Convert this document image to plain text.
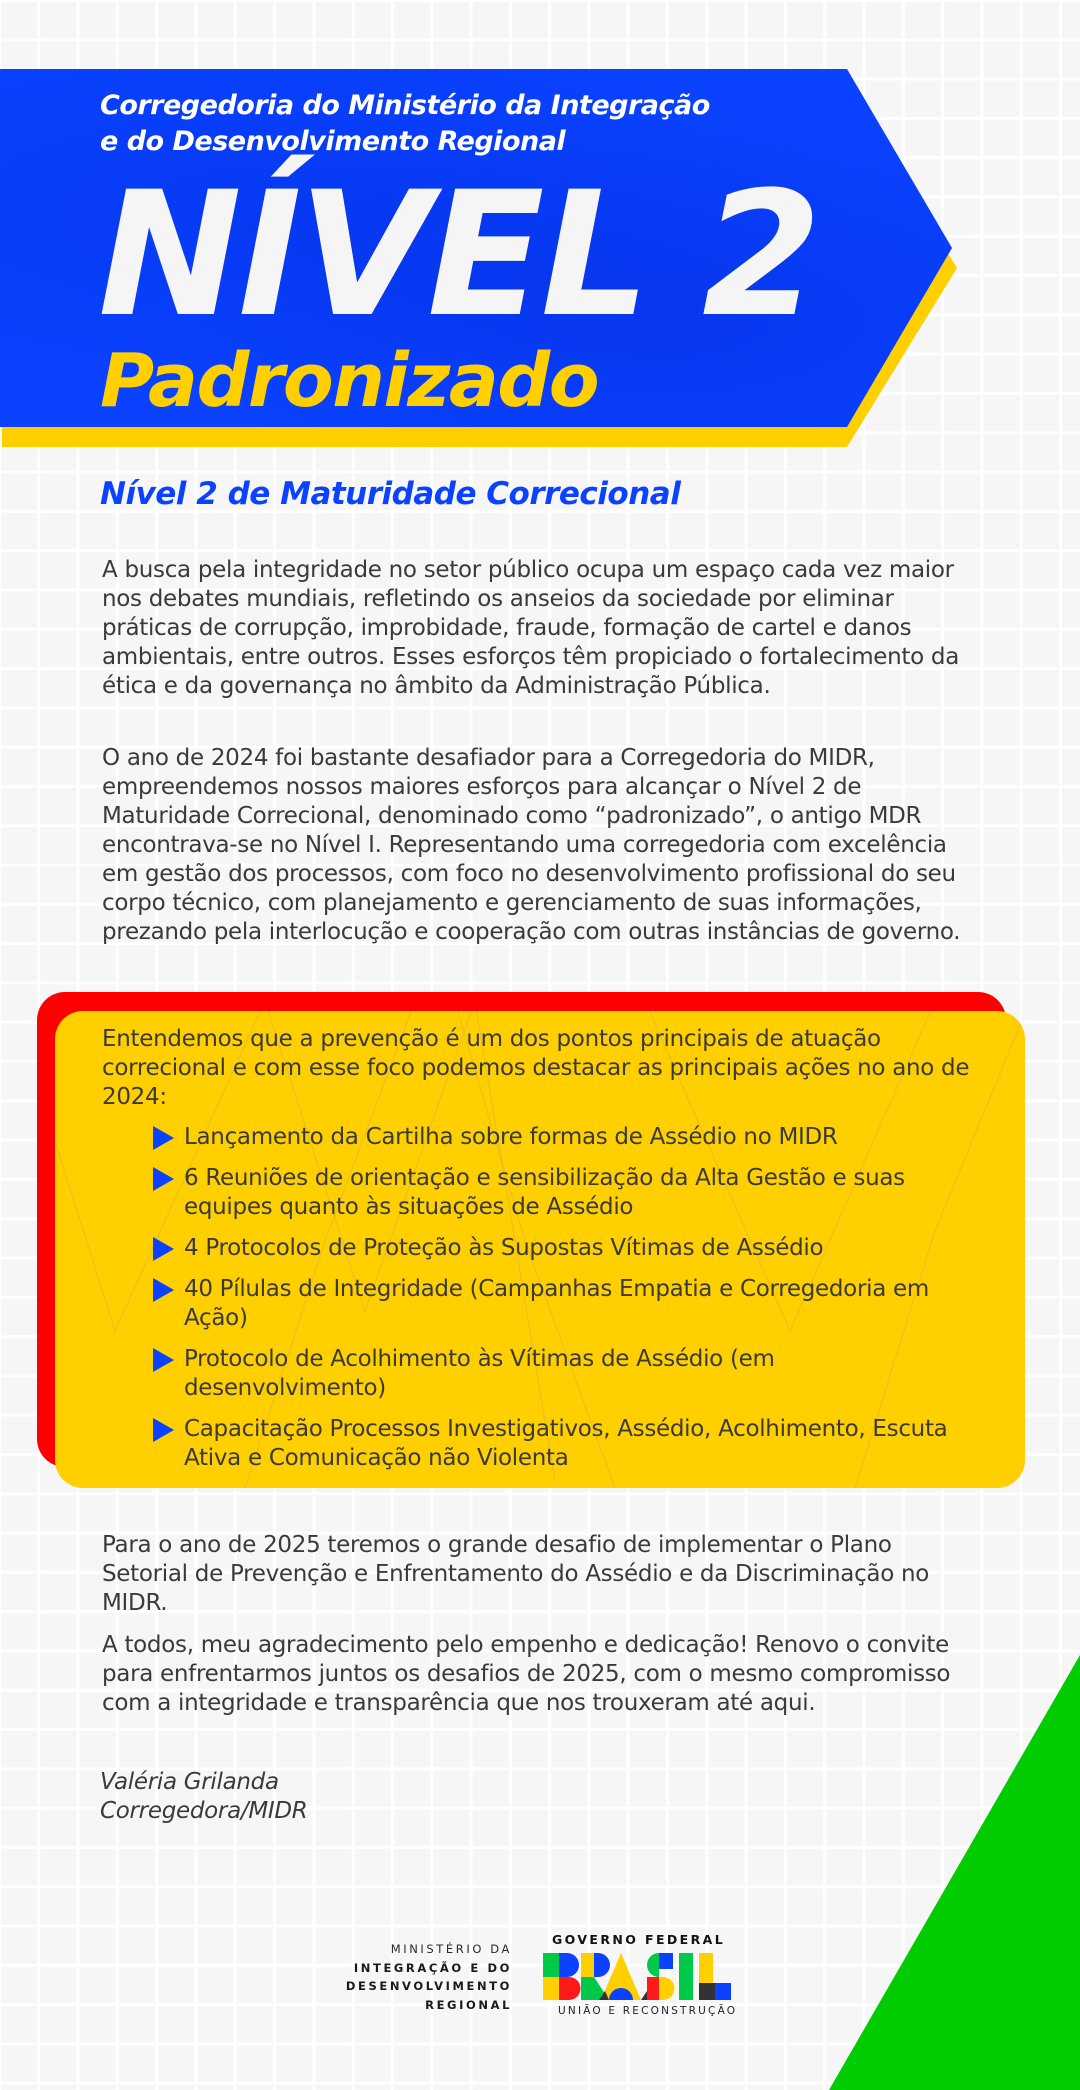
Corregedoria do Ministério da Integração
e do Desenvolvimento Regional
NÍVEL 2
Padronizado
Nível 2 de Maturidade Correcional

A busca pela integridade no setor público ocupa um espaço cada vez maior nos debates mundiais, refletindo os anseios da sociedade por eliminar práticas de corrupção, improbidade, fraude, formação de cartel e danos ambientais, entre outros. Esses esforços têm propiciado o fortalecimento da ética e da governança no âmbito da Administração Pública.

O ano de 2024 foi bastante desafiador para a Corregedoria do MIDR, empreendemos nossos maiores esforços para alcançar o Nível 2 de Maturidade Correcional, denominado como “padronizado”, o antigo MDR encontrava-se no Nível I. Representando uma corregedoria com excelência em gestão dos processos, com foco no desenvolvimento profissional do seu corpo técnico, com planejamento e gerenciamento de suas informações, prezando pela interlocução e cooperação com outras instâncias de governo.

Entendemos que a prevenção é um dos pontos principais de atuação correcional e com esse foco podemos destacar as principais ações no ano de 2024:

Lançamento da Cartilha sobre formas de Assédio no MIDR
6 Reuniões de orientação e sensibilização da Alta Gestão e suas equipes quanto às situações de Assédio
4 Protocolos de Proteção às Supostas Vítimas de Assédio
40 Pílulas de Integridade (Campanhas Empatia e Corregedoria em Ação)
Protocolo de Acolhimento às Vítimas de Assédio (em desenvolvimento)
Capacitação Processos Investigativos, Assédio, Acolhimento, Escuta Ativa e Comunicação não Violenta

Para o ano de 2025 teremos o grande desafio de implementar o Plano Setorial de Prevenção e Enfrentamento do Assédio e da Discriminação no MIDR.

A todos, meu agradecimento pelo empenho e dedicação! Renovo o convite para enfrentarmos juntos os desafios de 2025, com o mesmo compromisso com a integridade e transparência que nos trouxeram até aqui.

Valéria Grilanda
Corregedora/MIDR
MINISTÉRIO DA
INTEGRAÇÃO E DO
DESENVOLVIMENTO
REGIONAL
GOVERNO FEDERAL
UNIÃO E RECONSTRUÇÃO
